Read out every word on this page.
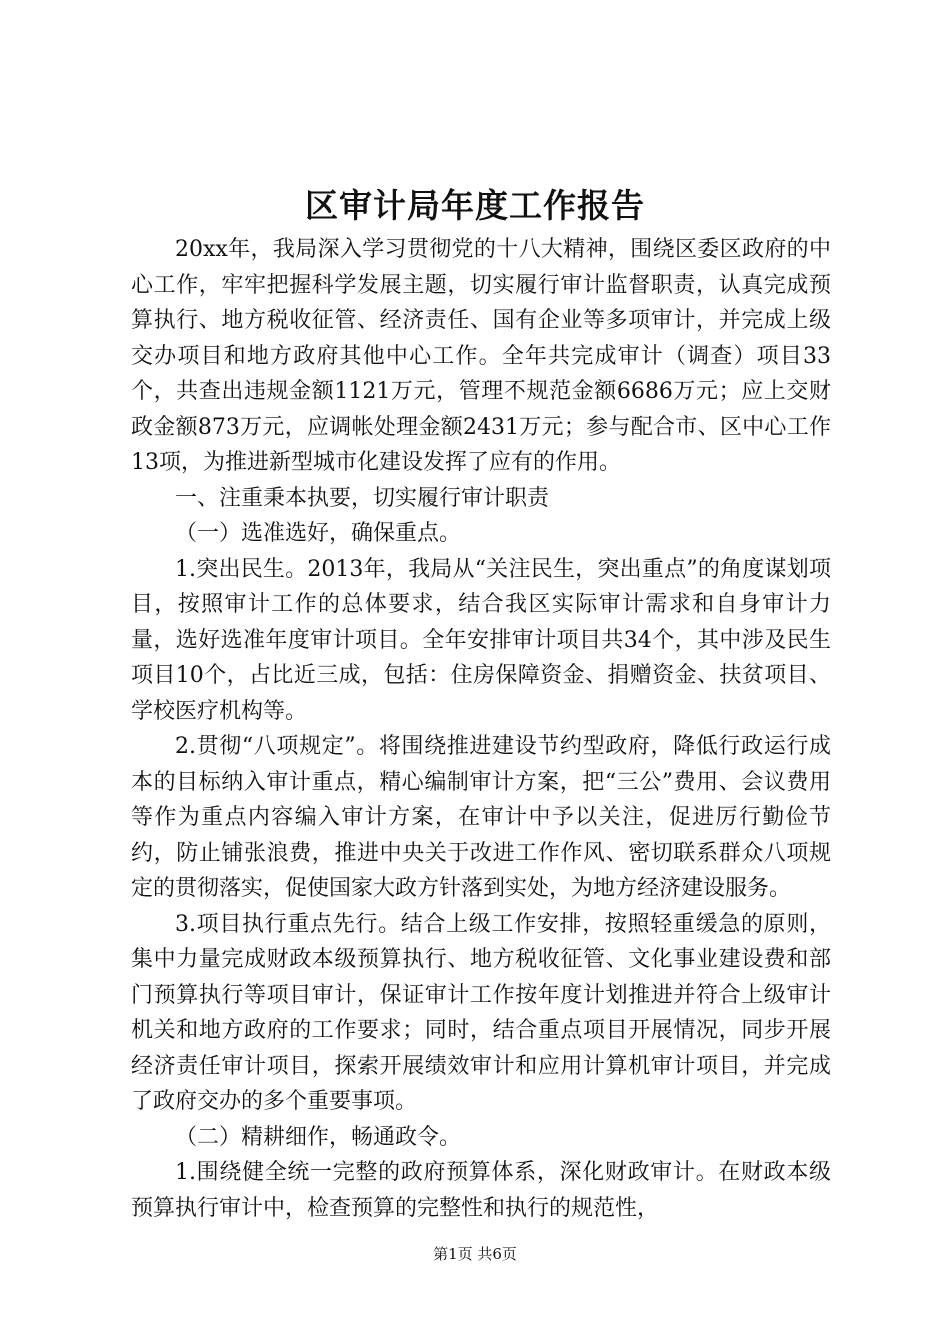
区审计局年度工作报告

20xx年，我局深入学习贯彻党的十八大精神，围绕区委区政府的中心工作，牢牢把握科学发展主题，切实履行审计监督职责，认真完成预算执行、地方税收征管、经济责任、国有企业等多项审计，并完成上级交办项目和地方政府其他中心工作。全年共完成审计（调查）项目33个，共查出违规金额1121万元，管理不规范金额6686万元；应上交财政金额873万元，应调帐处理金额2431万元；参与配合市、区中心工作13项，为推进新型城市化建设发挥了应有的作用。

一、注重秉本执要，切实履行审计职责

（一）选准选好，确保重点。

1.突出民生。2013年，我局从“关注民生，突出重点”的角度谋划项目，按照审计工作的总体要求，结合我区实际审计需求和自身审计力量，选好选准年度审计项目。全年安排审计项目共34个，其中涉及民生项目10个，占比近三成，包括：住房保障资金、捐赠资金、扶贫项目、学校医疗机构等。

2.贯彻“八项规定”。将围绕推进建设节约型政府，降低行政运行成本的目标纳入审计重点，精心编制审计方案，把“三公”费用、会议费用等作为重点内容编入审计方案，在审计中予以关注，促进厉行勤俭节约，防止铺张浪费，推进中央关于改进工作作风、密切联系群众八项规定的贯彻落实，促使国家大政方针落到实处，为地方经济建设服务。

3.项目执行重点先行。结合上级工作安排，按照轻重缓急的原则，集中力量完成财政本级预算执行、地方税收征管、文化事业建设费和部门预算执行等项目审计，保证审计工作按年度计划推进并符合上级审计机关和地方政府的工作要求；同时，结合重点项目开展情况，同步开展经济责任审计项目，探索开展绩效审计和应用计算机审计项目，并完成了政府交办的多个重要事项。

（二）精耕细作，畅通政令。

1.围绕健全统一完整的政府预算体系，深化财政审计。在财政本级预算执行审计中，检查预算的完整性和执行的规范性，

第1页 共6页
